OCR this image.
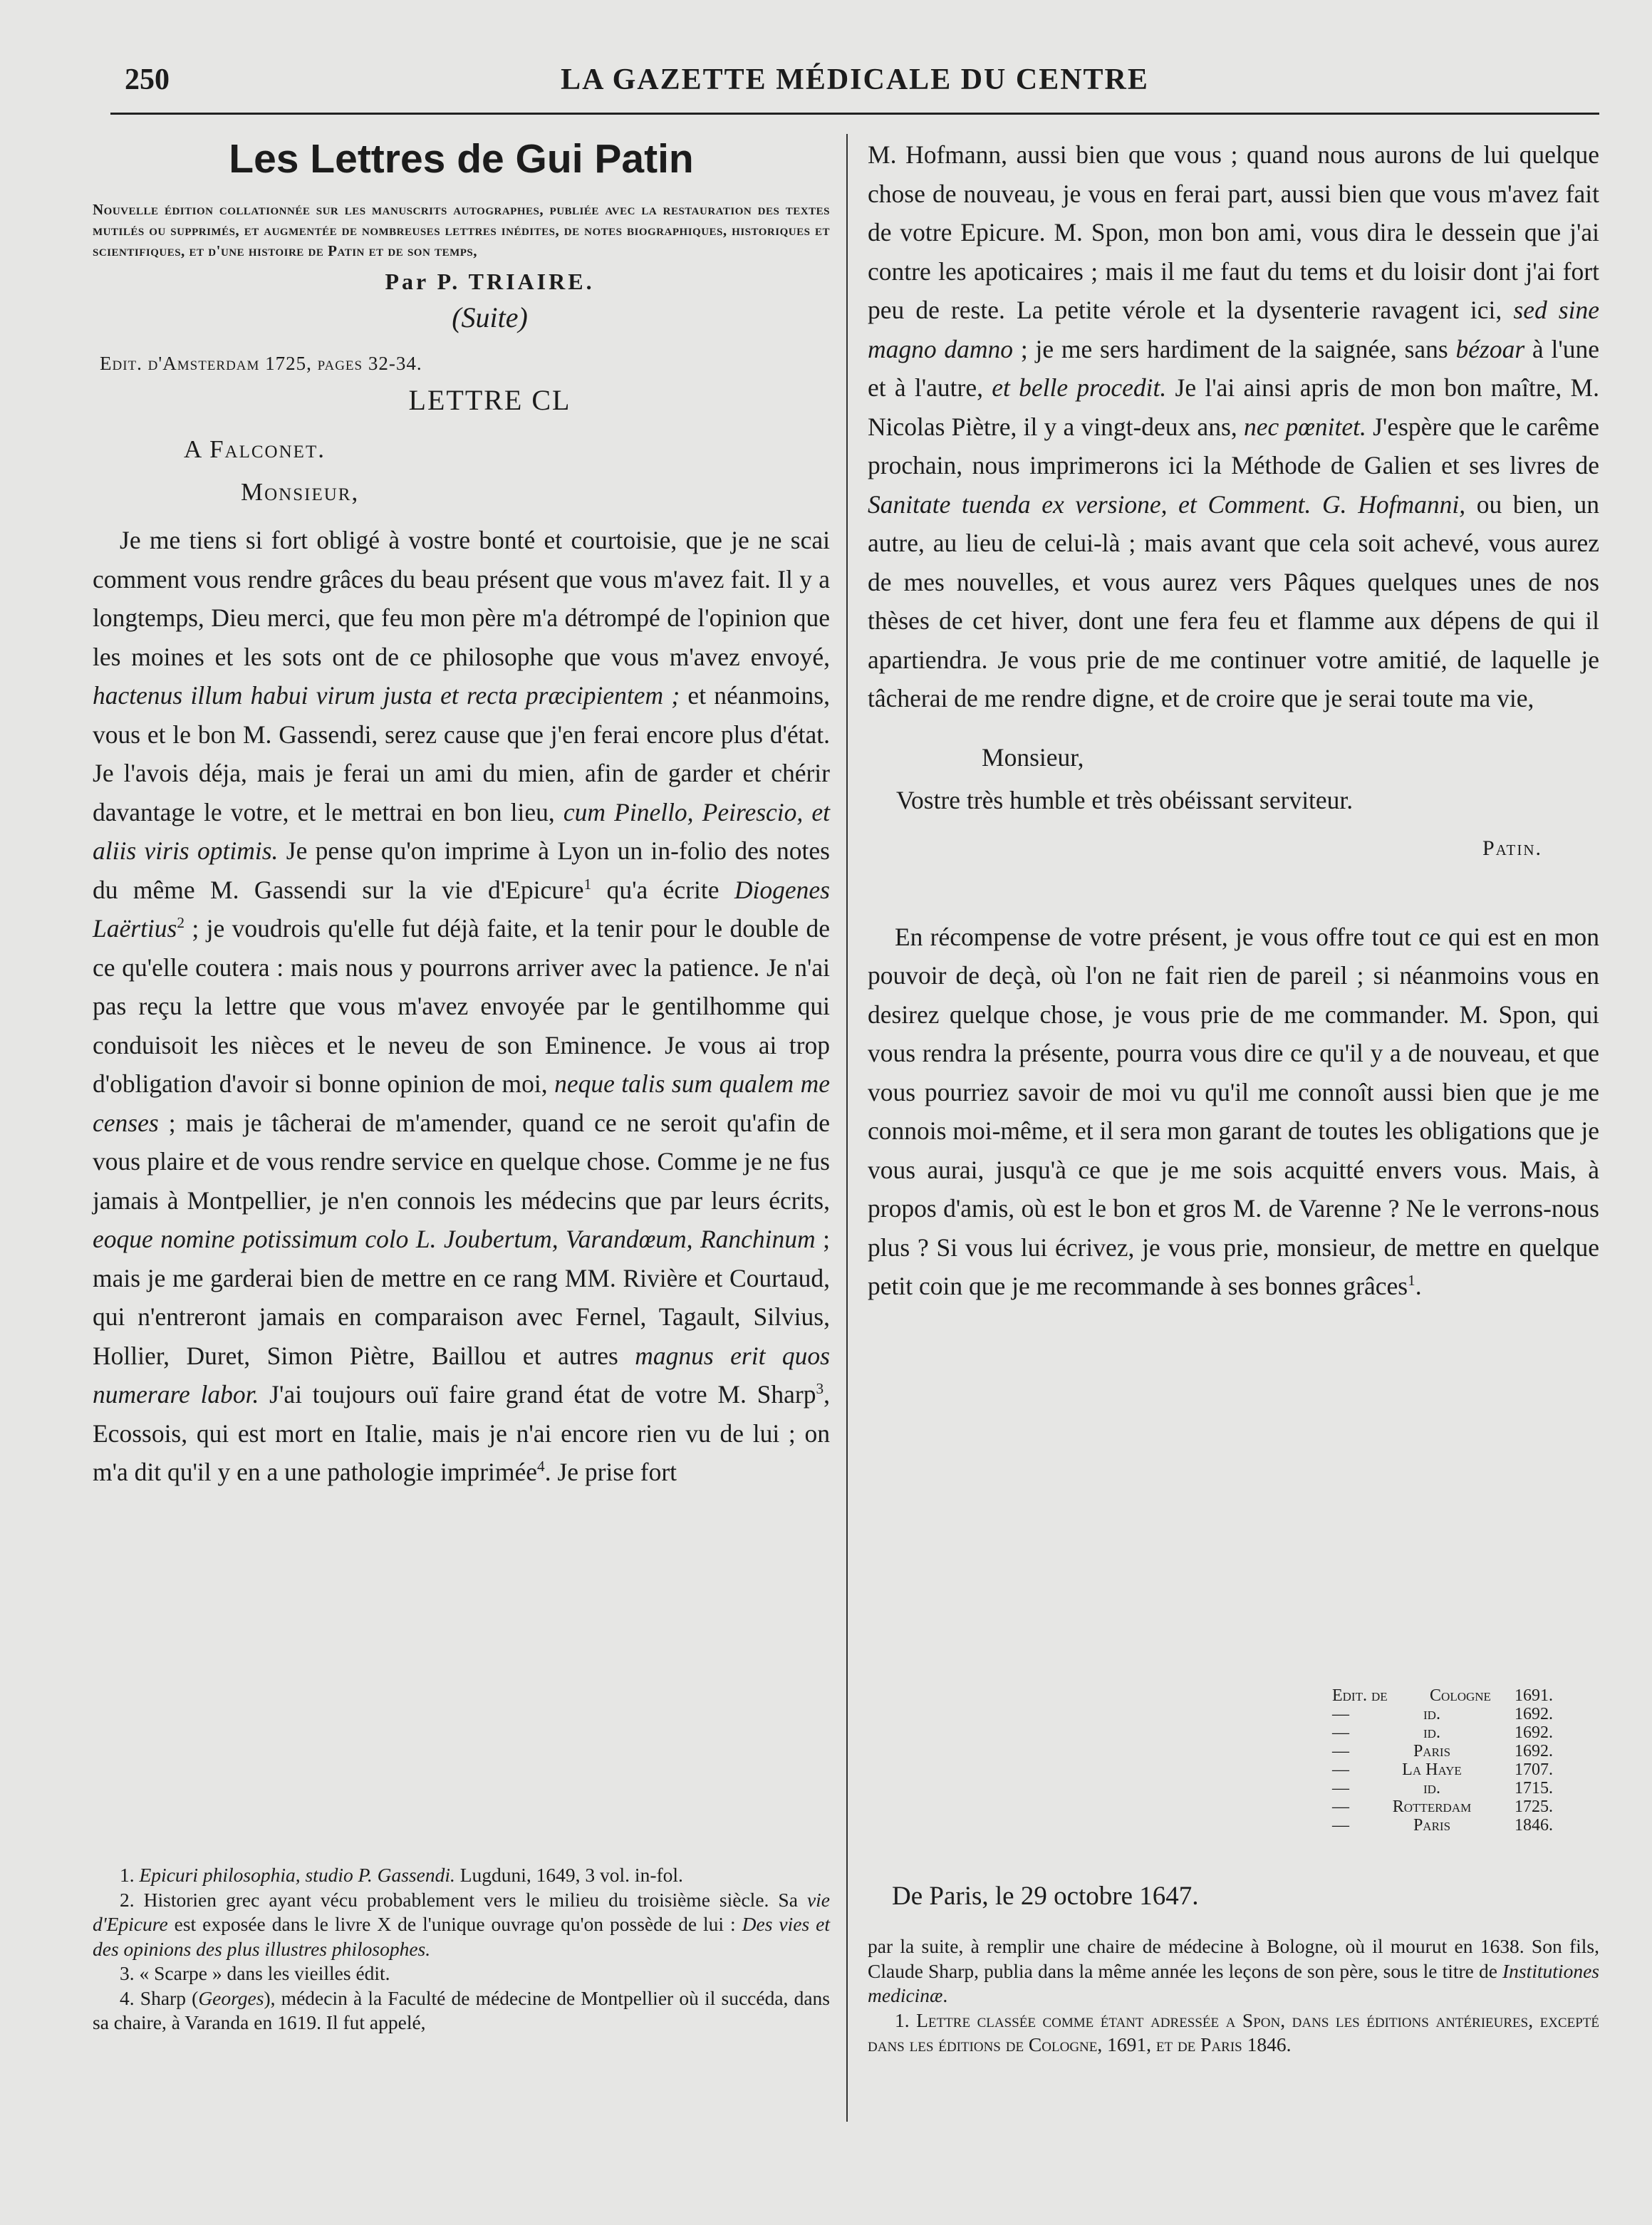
250	LA GAZETTE MÉDICALE DU CENTRE
Les Lettres de Gui Patin

Nouvelle édition collationnée sur les manuscrits autographes, publiée avec la restauration des textes mutilés ou supprimés, et augmentée de nombreuses lettres inédites, de notes biographiques, historiques et scientifiques, et d'une histoire de Patin et de son temps,

Par P. TRIAIRE.
(Suite)
Edit. d'Amsterdam 1725, pages 32-34.
LETTRE CL
A Falconet.
Monsieur,

Je me tiens si fort obligé à vostre bonté et courtoisie, que je ne scai comment vous rendre grâces du beau présent que vous m'avez fait. Il y a longtemps, Dieu merci, que feu mon père m'a détrompé de l'opinion que les moines et les sots ont de ce philosophe que vous m'avez envoyé, hactenus illum habui virum justa et recta præcipientem ; et néanmoins, vous et le bon M. Gassendi, serez cause que j'en ferai encore plus d'état. Je l'avois déja, mais je ferai un ami du mien, afin de garder et chérir davantage le votre, et le mettrai en bon lieu, cum Pinello, Peirescio, et aliis viris optimis. Je pense qu'on imprime à Lyon un in-folio des notes du même M. Gassendi sur la vie d'Epicure$^1$ qu'a écrite Diogenes Laërtius$^2$ ; je voudrois qu'elle fut déjà faite, et la tenir pour le double de ce qu'elle coutera : mais nous y pourrons arriver avec la patience. Je n'ai pas reçu la lettre que vous m'avez envoyée par le gentilhomme qui conduisoit les nièces et le neveu de son Eminence. Je vous ai trop d'obligation d'avoir si bonne opinion de moi, neque talis sum qualem me censes ; mais je tâcherai de m'amender, quand ce ne seroit qu'afin de vous plaire et de vous rendre service en quelque chose. Comme je ne fus jamais à Montpellier, je n'en connois les médecins que par leurs écrits, eoque nomine potissimum colo L. Joubertum, Varandœum, Ranchinum ; mais je me garderai bien de mettre en ce rang MM. Rivière et Courtaud, qui n'entreront jamais en comparaison avec Fernel, Tagault, Silvius, Hollier, Duret, Simon Piètre, Baillou et autres magnus erit quos numerare labor. J'ai toujours ouï faire grand état de votre M. Sharp$^3$, Ecossois, qui est mort en Italie, mais je n'ai encore rien vu de lui ; on m'a dit qu'il y en a une pathologie imprimée$^4$. Je prise fort

1. Epicuri philosophia, studio P. Gassendi. Lugduni, 1649, 3 vol. in-fol.

2. Historien grec ayant vécu probablement vers le milieu du troisième siècle. Sa vie d'Epicure est exposée dans le livre X de l'unique ouvrage qu'on possède de lui : Des vies et des opinions des plus illustres philosophes.

3. « Scarpe » dans les vieilles édit.

4. Sharp (Georges), médecin à la Faculté de médecine de Montpellier où il succéda, dans sa chaire, à Varanda en 1619. Il fut appelé,

M. Hofmann, aussi bien que vous ; quand nous aurons de lui quelque chose de nouveau, je vous en ferai part, aussi bien que vous m'avez fait de votre Epicure. M. Spon, mon bon ami, vous dira le dessein que j'ai contre les apoticaires ; mais il me faut du tems et du loisir dont j'ai fort peu de reste. La petite vérole et la dysenterie ravagent ici, sed sine magno damno ; je me sers hardiment de la saignée, sans bézoar à l'une et à l'autre, et belle procedit. Je l'ai ainsi apris de mon bon maître, M. Nicolas Piètre, il y a vingt-deux ans, nec pœnitet. J'espère que le carême prochain, nous imprimerons ici la Méthode de Galien et ses livres de Sanitate tuenda ex versione, et Comment. G. Hofmanni, ou bien, un autre, au lieu de celui-là ; mais avant que cela soit achevé, vous aurez de mes nouvelles, et vous aurez vers Pâques quelques unes de nos thèses de cet hiver, dont une fera feu et flamme aux dépens de qui il apartiendra. Je vous prie de me continuer votre amitié, de laquelle je tâcherai de me rendre digne, et de croire que je serai toute ma vie,

Monsieur,
Vostre très humble et très obéissant serviteur.
Patin.

En récompense de votre présent, je vous offre tout ce qui est en mon pouvoir de deçà, où l'on ne fait rien de pareil ; si néanmoins vous en desirez quelque chose, je vous prie de me commander. M. Spon, qui vous rendra la présente, pourra vous dire ce qu'il y a de nouveau, et que vous pourriez savoir de moi vu qu'il me connoît aussi bien que je me connois moi-même, et il sera mon garant de toutes les obligations que je vous aurai, jusqu'à ce que je me sois acquitté envers vous. Mais, à propos d'amis, où est le bon et gros M. de Varenne ? Ne le verrons-nous plus ? Si vous lui écrivez, je vous prie, monsieur, de mettre en quelque petit coin que je me recommande à ses bonnes grâces$^1$.

Edit. de	Cologne	1691.
—	id.	1692.
—	id.	1692.
—	Paris	1692.
—	La Haye	1707.
—	id.	1715.
—	Rotterdam	1725.
—	Paris	1846.
De Paris, le 29 octobre 1647.

par la suite, à remplir une chaire de médecine à Bologne, où il mourut en 1638. Son fils, Claude Sharp, publia dans la même année les leçons de son père, sous le titre de Institutiones medicinæ.

1. Lettre classée comme étant adressée a Spon, dans les éditions antérieures, excepté dans les éditions de Cologne, 1691, et de Paris 1846.
